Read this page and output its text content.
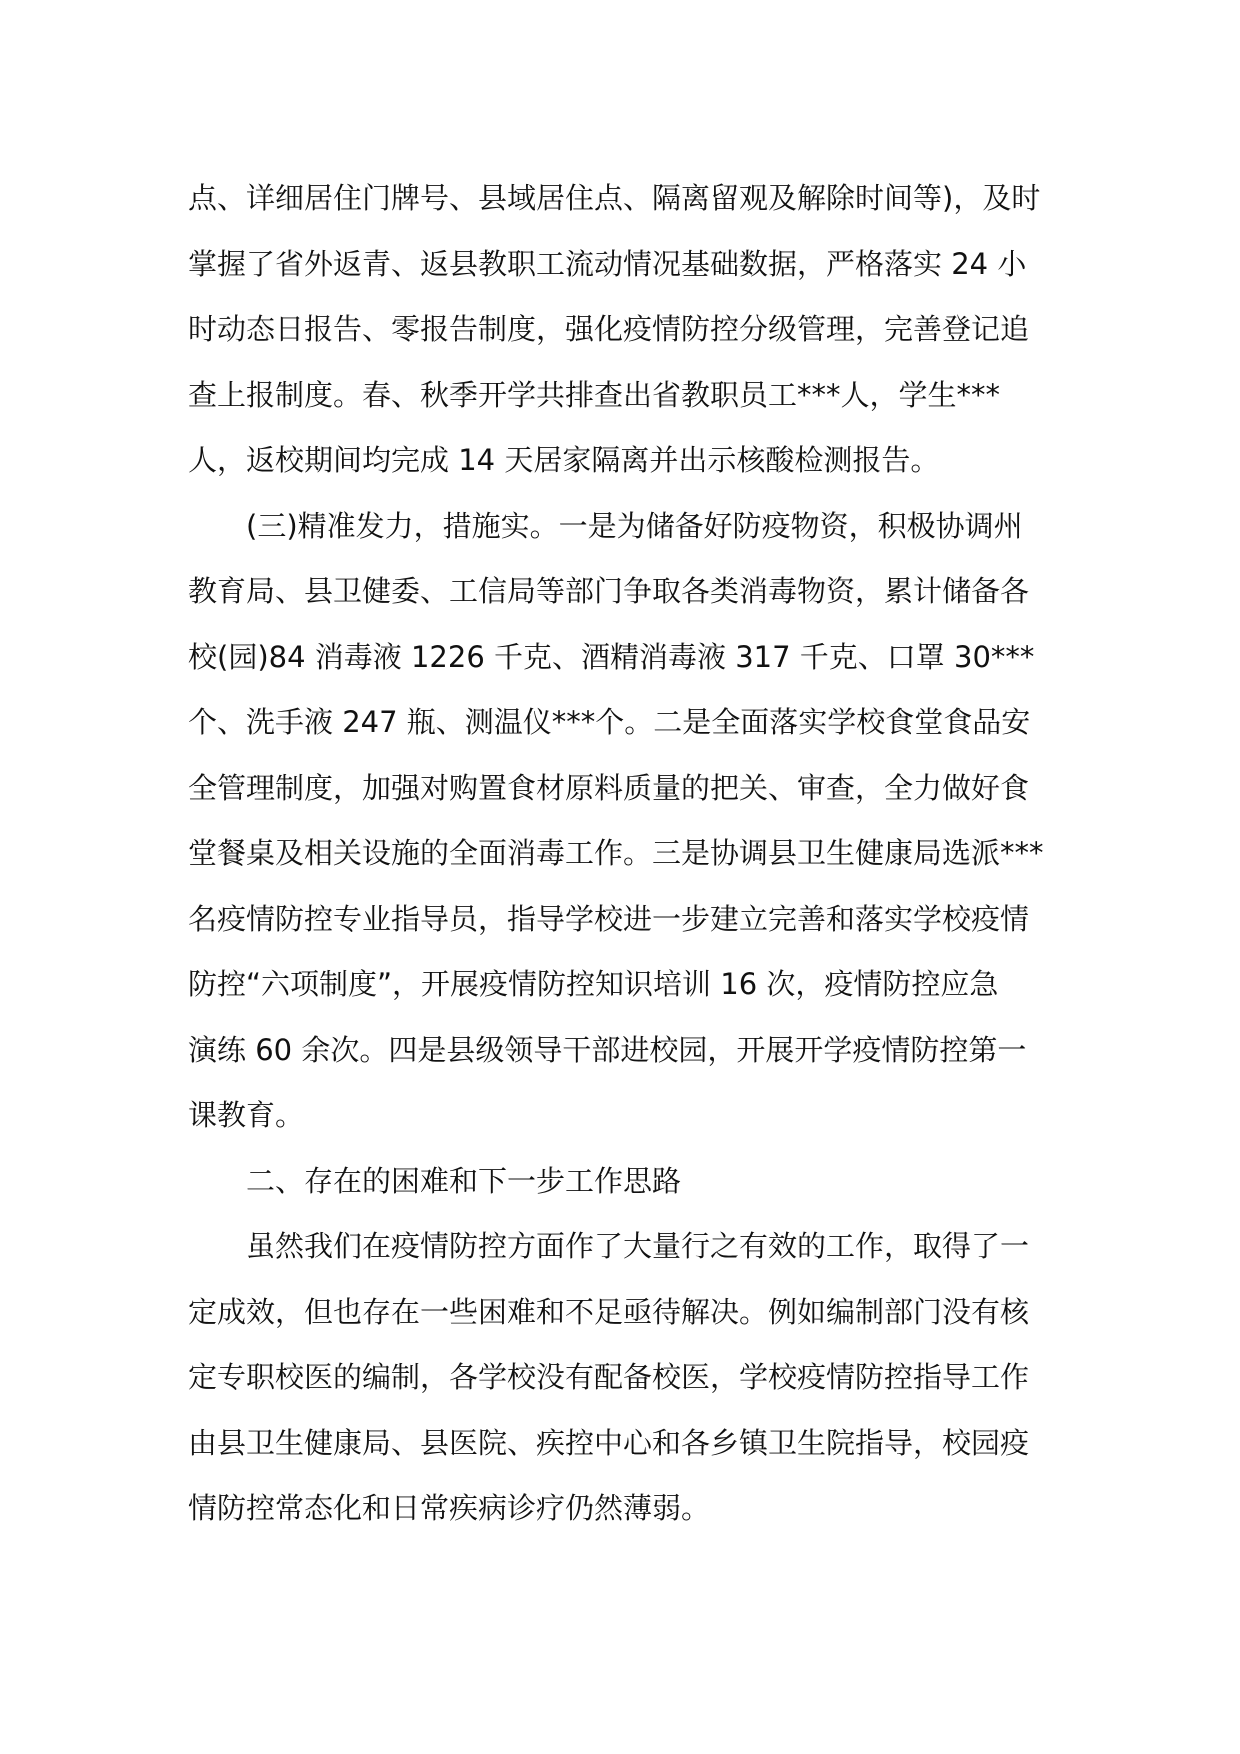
点、详细居住门牌号、县域居住点、隔离留观及解除时间等)，及时
掌握了省外返青、返县教职工流动情况基础数据，严格落实 24 小
时动态日报告、零报告制度，强化疫情防控分级管理，完善登记追
查上报制度。春、秋季开学共排查出省教职员工***人，学生***
人，返校期间均完成 14 天居家隔离并出示核酸检测报告。

(三)精准发力，措施实。一是为储备好防疫物资，积极协调州
教育局、县卫健委、工信局等部门争取各类消毒物资，累计储备各
校(园)84 消毒液 1226 千克、酒精消毒液 317 千克、口罩 30***
个、洗手液 247 瓶、测温仪***个。二是全面落实学校食堂食品安
全管理制度，加强对购置食材原料质量的把关、审查，全力做好食
堂餐桌及相关设施的全面消毒工作。三是协调县卫生健康局选派***
名疫情防控专业指导员，指导学校进一步建立完善和落实学校疫情
防控“六项制度”，开展疫情防控知识培训 16 次，疫情防控应急
演练 60 余次。四是县级领导干部进校园，开展开学疫情防控第一
课教育。

二、存在的困难和下一步工作思路

虽然我们在疫情防控方面作了大量行之有效的工作，取得了一
定成效，但也存在一些困难和不足亟待解决。例如编制部门没有核
定专职校医的编制，各学校没有配备校医，学校疫情防控指导工作
由县卫生健康局、县医院、疾控中心和各乡镇卫生院指导，校园疫
情防控常态化和日常疾病诊疗仍然薄弱。
